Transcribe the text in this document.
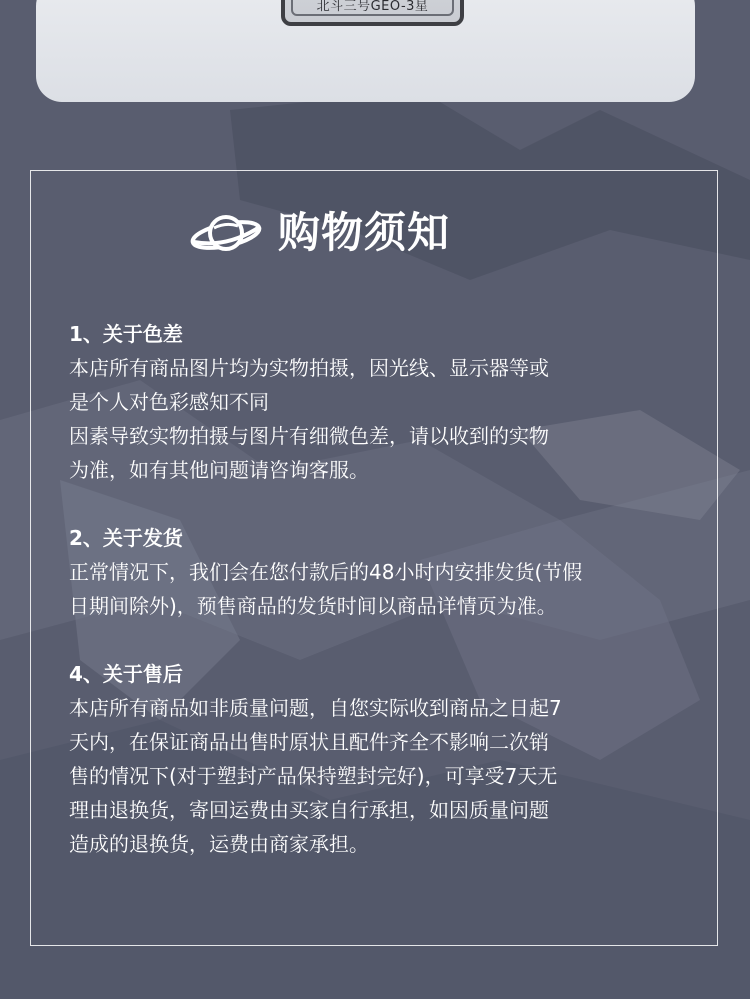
北斗三号GEO-3星
购物须知
1、关于色差

本店所有商品图片均为实物拍摄，因光线、显示器等或

是个人对色彩感知不同

因素导致实物拍摄与图片有细微色差，请以收到的实物

为准，如有其他问题请咨询客服。

2、关于发货

正常情况下，我们会在您付款后的48小时内安排发货(节假

日期间除外)，预售商品的发货时间以商品详情页为准。

4、关于售后

本店所有商品如非质量问题，自您实际收到商品之日起7

天内，在保证商品出售时原状且配件齐全不影响二次销

售的情况下(对于塑封产品保持塑封完好)，可享受7天无

理由退换货，寄回运费由买家自行承担，如因质量问题

造成的退换货，运费由商家承担。
